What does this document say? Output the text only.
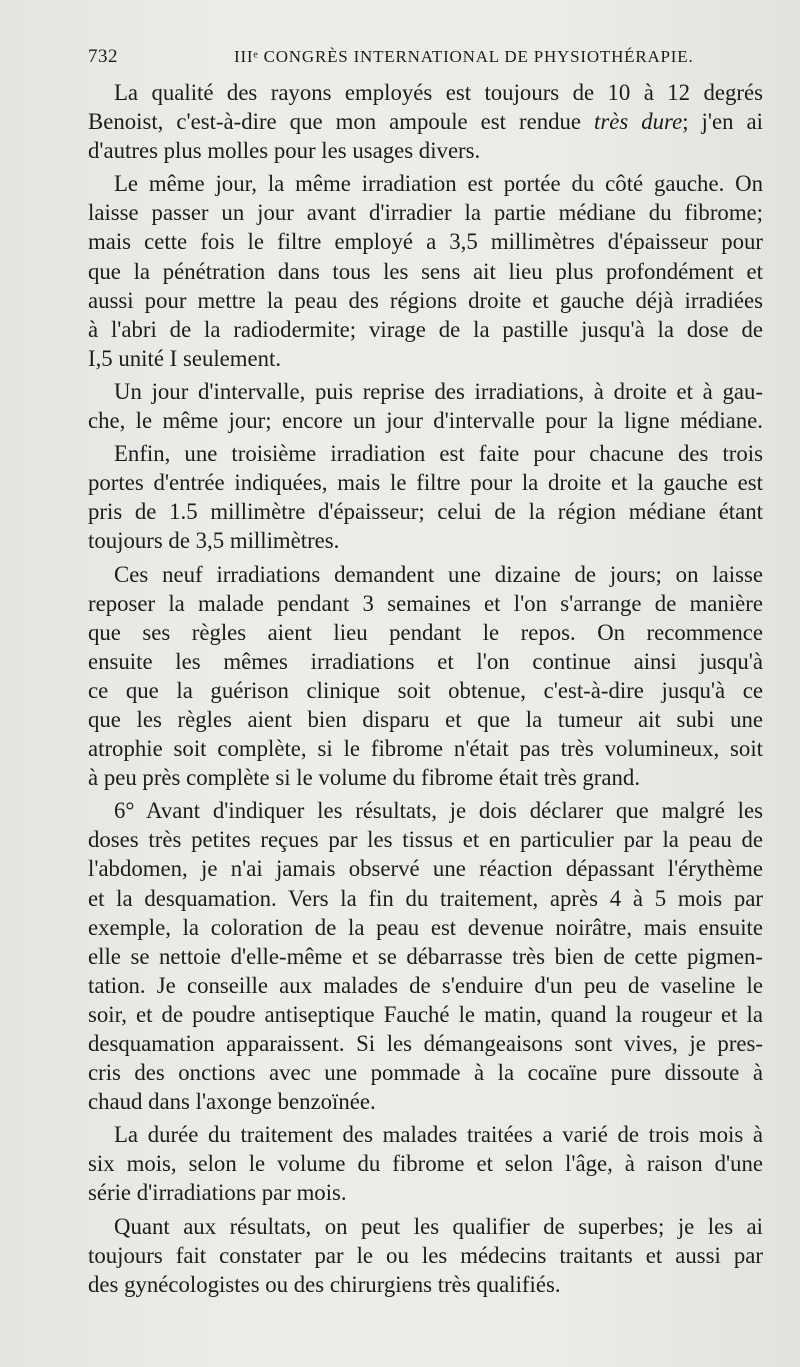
732	IIIᵉ CONGRÈS INTERNATIONAL DE PHYSIOTHÉRAPIE.

La qualité des rayons employés est toujours de 10 à 12 degrés
Benoist, c'est-à-dire que mon ampoule est rendue très dure; j'en ai
d'autres plus molles pour les usages divers.

Le même jour, la même irradiation est portée du côté gauche. On
laisse passer un jour avant d'irradier la partie médiane du fibrome;
mais cette fois le filtre employé a 3,5 millimètres d'épaisseur pour
que la pénétration dans tous les sens ait lieu plus profondément et
aussi pour mettre la peau des régions droite et gauche déjà irradiées
à l'abri de la radiodermite; virage de la pastille jusqu'à la dose de
I,5 unité I seulement.

Un jour d'intervalle, puis reprise des irradiations, à droite et à gau-
che, le même jour; encore un jour d'intervalle pour la ligne médiane.

Enfin, une troisième irradiation est faite pour chacune des trois
portes d'entrée indiquées, mais le filtre pour la droite et la gauche est
pris de 1.5 millimètre d'épaisseur; celui de la région médiane étant
toujours de 3,5 millimètres.

Ces neuf irradiations demandent une dizaine de jours; on laisse
reposer la malade pendant 3 semaines et l'on s'arrange de manière
que ses règles aient lieu pendant le repos. On recommence
ensuite les mêmes irradiations et l'on continue ainsi jusqu'à
ce que la guérison clinique soit obtenue, c'est-à-dire jusqu'à ce
que les règles aient bien disparu et que la tumeur ait subi une
atrophie soit complète, si le fibrome n'était pas très volumineux, soit
à peu près complète si le volume du fibrome était très grand.

6° Avant d'indiquer les résultats, je dois déclarer que malgré les
doses très petites reçues par les tissus et en particulier par la peau de
l'abdomen, je n'ai jamais observé une réaction dépassant l'érythème
et la desquamation. Vers la fin du traitement, après 4 à 5 mois par
exemple, la coloration de la peau est devenue noirâtre, mais ensuite
elle se nettoie d'elle-même et se débarrasse très bien de cette pigmen-
tation. Je conseille aux malades de s'enduire d'un peu de vaseline le
soir, et de poudre antiseptique Fauché le matin, quand la rougeur et la
desquamation apparaissent. Si les démangeaisons sont vives, je pres-
cris des onctions avec une pommade à la cocaïne pure dissoute à
chaud dans l'axonge benzoïnée.

La durée du traitement des malades traitées a varié de trois mois à
six mois, selon le volume du fibrome et selon l'âge, à raison d'une
série d'irradiations par mois.

Quant aux résultats, on peut les qualifier de superbes; je les ai
toujours fait constater par le ou les médecins traitants et aussi par
des gynécologistes ou des chirurgiens très qualifiés.
